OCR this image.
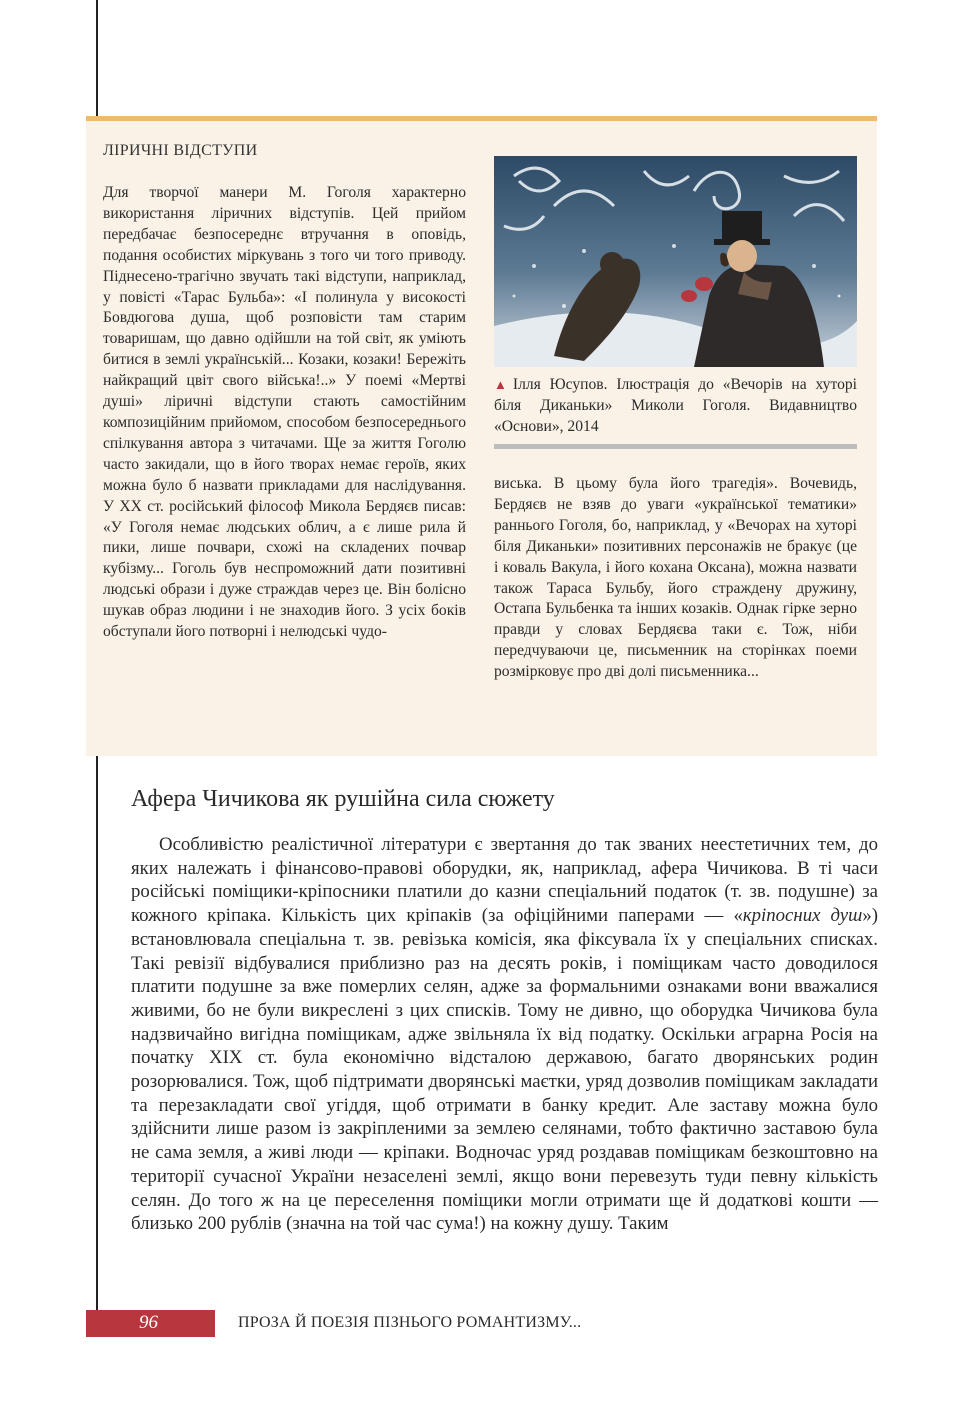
ЛІРИЧНІ ВІДСТУПИ

Для творчої манери М. Гоголя характерно використання ліричних відступів. Цей прийом передбачає безпосереднє втручання в оповідь, подання особистих міркувань з того чи того приводу. Піднесено-трагічно звучать такі відступи, наприклад, у повісті «Тарас Бульба»: «І полинула у високості Бовдюгова душа, щоб розповісти там старим товаришам, що давно одійшли на той світ, як уміють битися в землі українській... Козаки, козаки! Бережіть найкращий цвіт свого війська!..» У поемі «Мертві душі» ліричні відступи стають самостійним композиційним прийомом, способом безпосереднього спілкування автора з читачами. Ще за життя Гоголю часто закидали, що в його творах немає героїв, яких можна було б назвати прикладами для наслідування. У ХХ ст. російський філософ Микола Бердяєв писав: «У Гоголя немає людських облич, а є лише рила й пики, лише почвари, схожі на складених почвар кубізму... Гоголь був неспроможний дати позитивні людські образи і дуже страждав через це. Він болісно шукав образ людини і не знаходив його. З усіх боків обступали його потворні і нелюдські чудо-

▲ Ілля Юсупов. Ілюстрація до «Вечорів на хуторі біля Диканьки» Миколи Гоголя. Видавництво «Основи», 2014

виська. В цьому була його трагедія». Вочевидь, Бердяєв не взяв до уваги «української тематики» раннього Гоголя, бо, наприклад, у «Вечорах на хуторі біля Диканьки» позитивних персонажів не бракує (це і коваль Вакула, і його кохана Оксана), можна назвати також Тараса Бульбу, його страждену дружину, Остапа Бульбенка та інших козаків. Однак гірке зерно правди у словах Бердяєва таки є. Тож, ніби передчуваючи це, письменник на сторінках поеми розмірковує про дві долі письменника...

Афера Чичикова як рушійна сила сюжету

Особливістю реалістичної літератури є звертання до так званих неестетичних тем, до яких належать і фінансово-правові оборудки, як, наприклад, афера Чичикова. В ті часи російські поміщики-кріпосники платили до казни спеціальний податок (т. зв. подушне) за кожного кріпака. Кількість цих кріпаків (за офіційними паперами — «кріпосних душ») встановлювала спеціальна т. зв. ревізька комісія, яка фіксувала їх у спеціальних списках. Такі ревізії відбувалися приблизно раз на десять років, і поміщикам часто доводилося платити подушне за вже померлих селян, адже за формальними ознаками вони вважалися живими, бо не були викреслені з цих списків. Тому не дивно, що оборудка Чичикова була надзвичайно вигідна поміщикам, адже звільняла їх від податку. Оскільки аграрна Росія на початку ХІХ ст. була економічно відсталою державою, багато дворянських родин розорювалися. Тож, щоб підтримати дворянські маєтки, уряд дозволив поміщикам закладати та перезакладати свої угіддя, щоб отримати в банку кредит. Але заставу можна було здійснити лише разом із закріпленими за землею селянами, тобто фактично заставою була не сама земля, а живі люди — кріпаки. Водночас уряд роздавав поміщикам безкоштовно на території сучасної України незаселені землі, якщо вони перевезуть туди певну кількість селян. До того ж на це переселення поміщики могли отримати ще й додаткові кошти — близько 200 рублів (значна на той час сума!) на кожну душу. Таким

96	ПРОЗА Й ПОЕЗІЯ ПІЗНЬОГО РОМАНТИЗМУ...
